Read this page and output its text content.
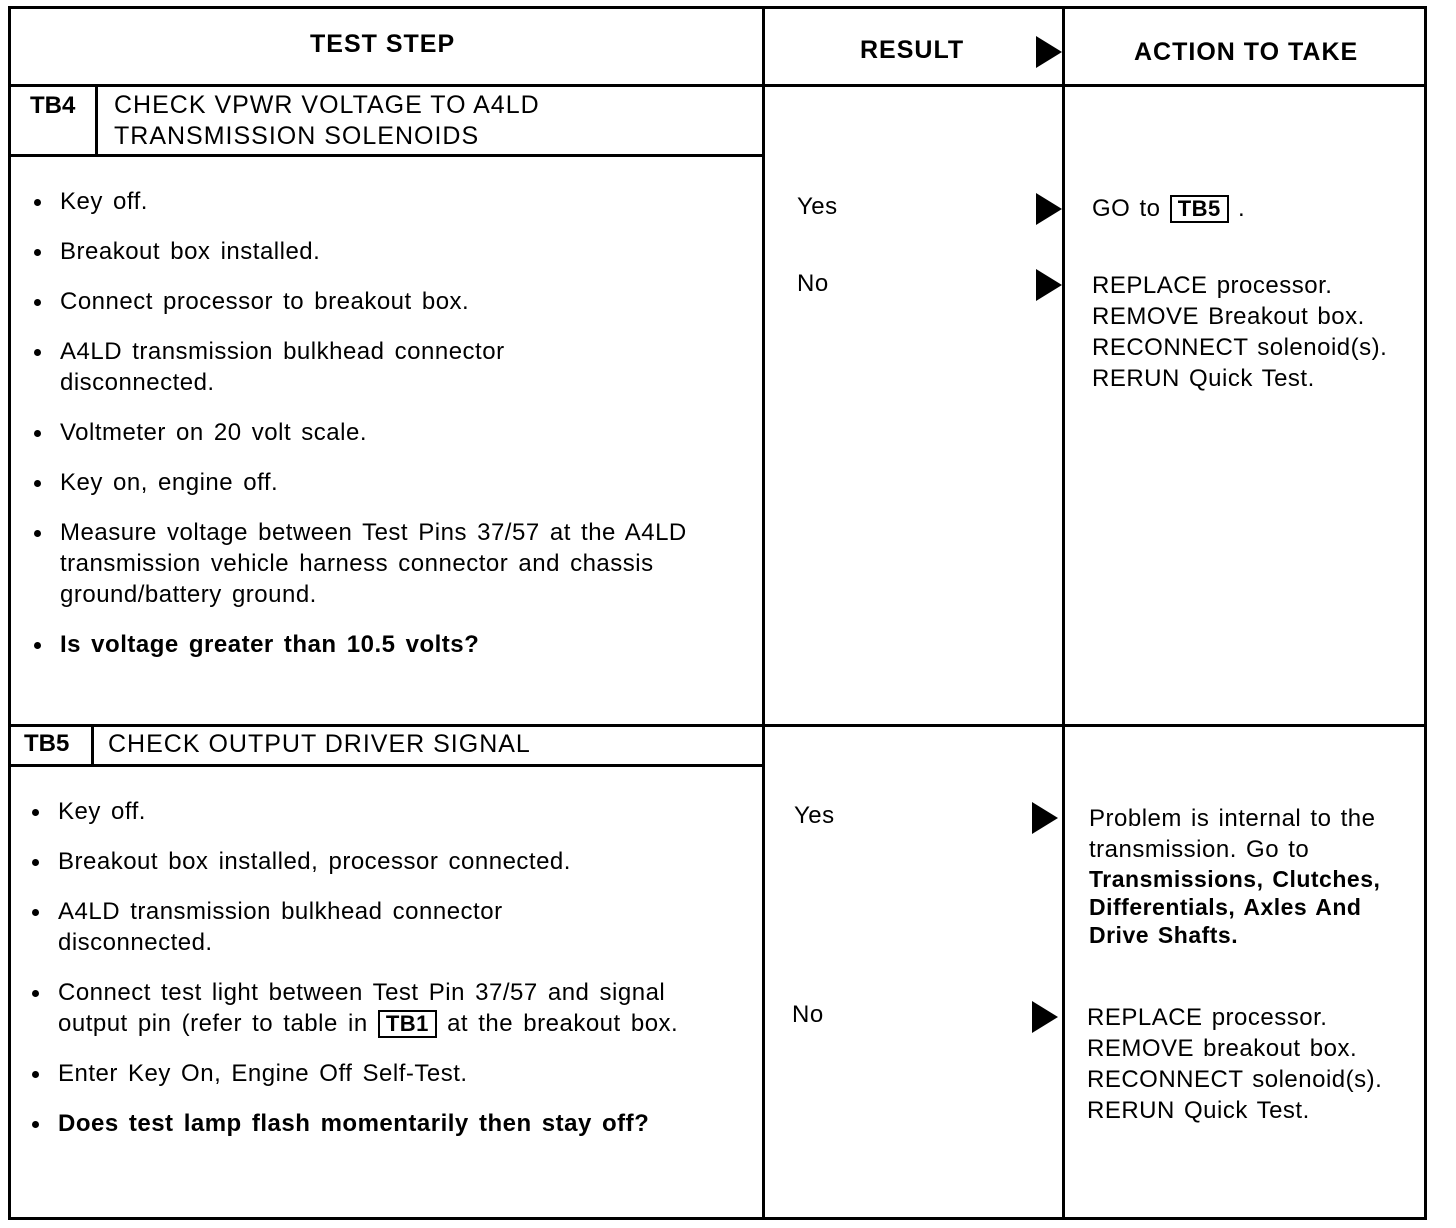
TEST STEP	RESULT	ACTION TO TAKE
TB4 CHECK VPWR VOLTAGE TO A4LD
TRANSMISSION SOLENOIDS
Key off.
Breakout box installed.
Connect processor to breakout box.
A4LD transmission bulkhead connector disconnected.
Voltmeter on 20 volt scale.
Key on, engine off.
Measure voltage between Test Pins 37/57 at the A4LD transmission vehicle harness connector and chassis ground/battery ground.
Is voltage greater than 10.5 volts?
Yes	GO to TB5 .
No	REPLACE processor. REMOVE Breakout box. RECONNECT solenoid(s). RERUN Quick Test.
TB5 CHECK OUTPUT DRIVER SIGNAL
Key off.
Breakout box installed, processor connected.
A4LD transmission bulkhead connector disconnected.
Connect test light between Test Pin 37/57 and signal output pin (refer to table in TB1 at the breakout box.
Enter Key On, Engine Off Self-Test.
Does test lamp flash momentarily then stay off?
Yes	Problem is internal to the transmission. Go to
Transmissions, Clutches, Differentials, Axles And Drive Shafts.
No	REPLACE processor. REMOVE breakout box. RECONNECT solenoid(s). RERUN Quick Test.
